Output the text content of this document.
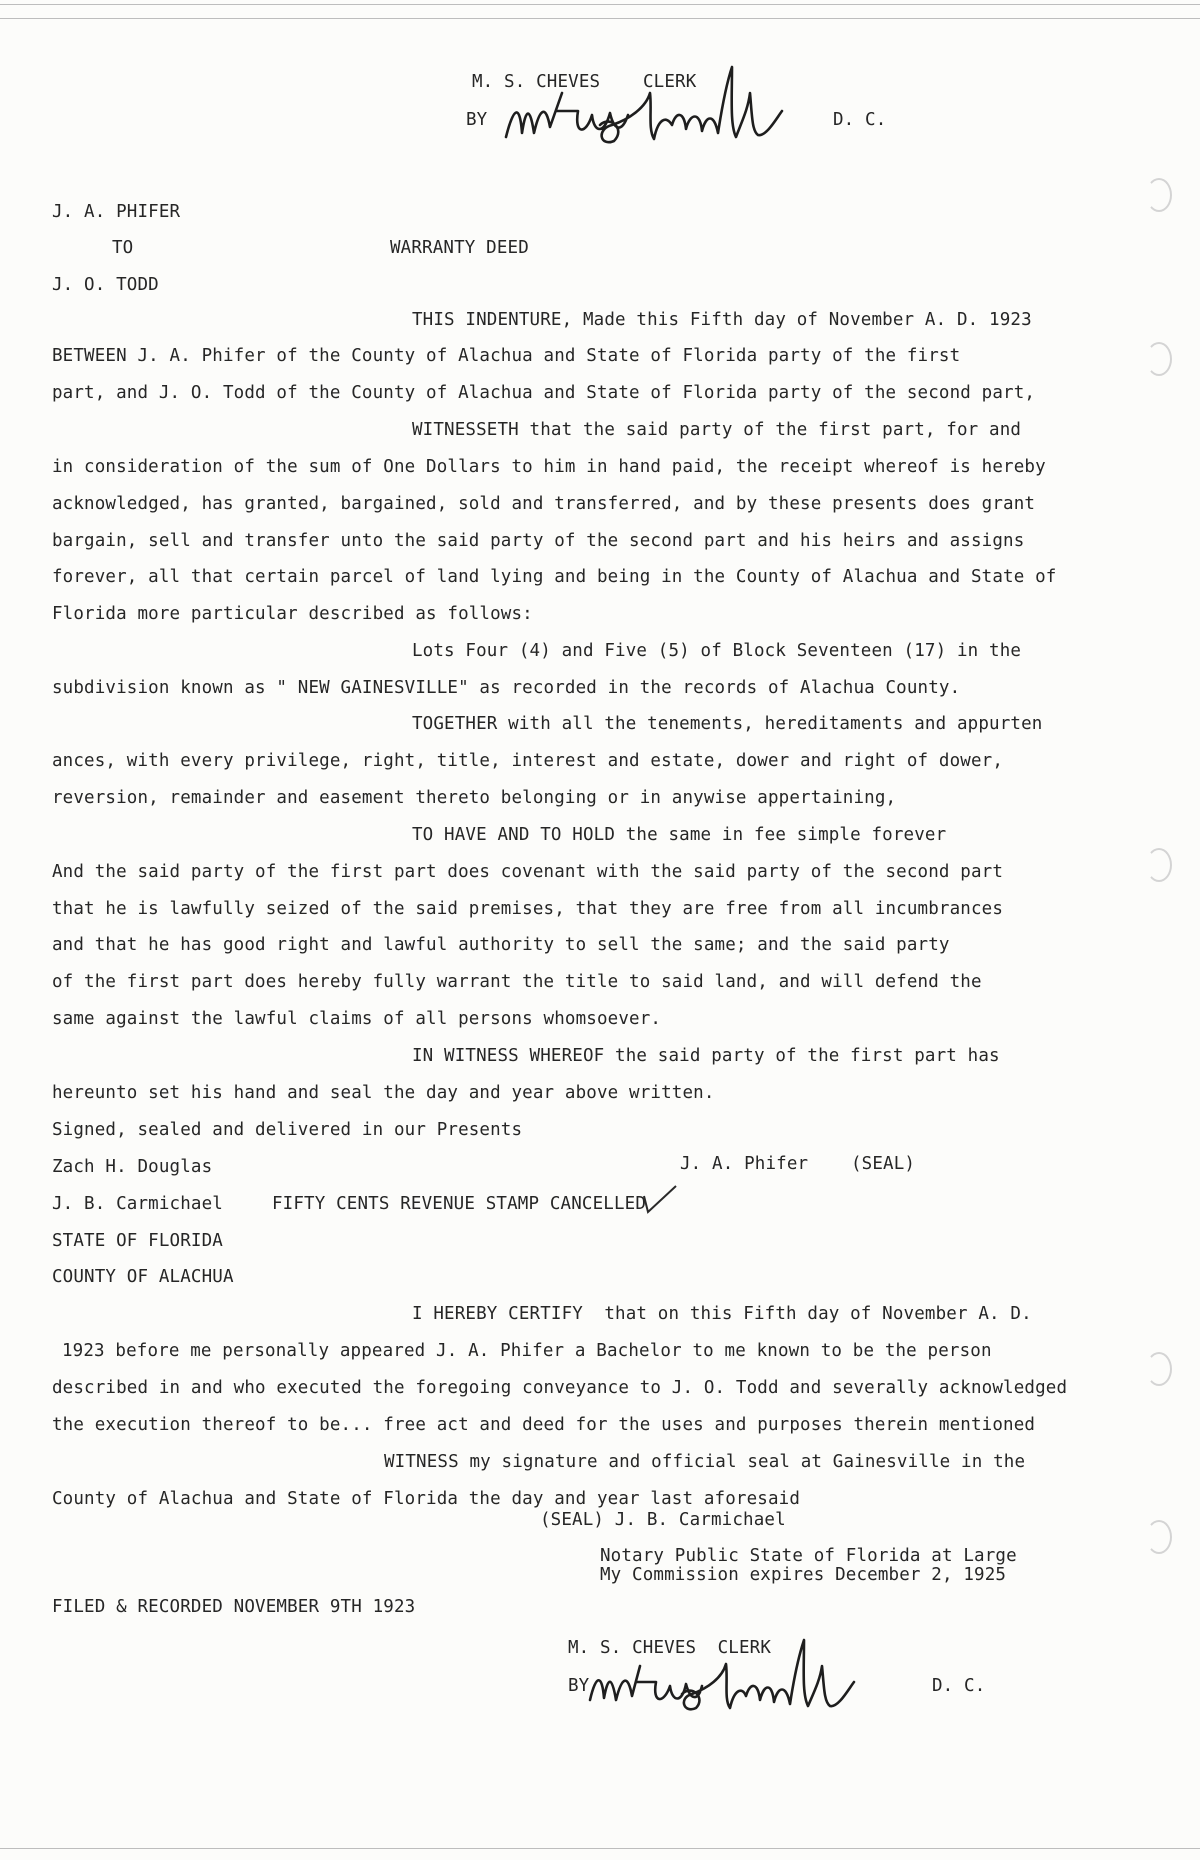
M. S. CHEVES    CLERK
BY	D. C.
J. A. PHIFER
TO	WARRANTY DEED
J. O. TODD
THIS INDENTURE, Made this Fifth day of November A. D. 1923
BETWEEN J. A. Phifer of the County of Alachua and State of Florida party of the first
part, and J. O. Todd of the County of Alachua and State of Florida party of the second part,
WITNESSETH that the said party of the first part, for and
in consideration of the sum of One Dollars to him in hand paid, the receipt whereof is hereby
acknowledged, has granted, bargained, sold and transferred, and by these presents does grant
bargain, sell and transfer unto the said party of the second part and his heirs and assigns
forever, all that certain parcel of land lying and being in the County of Alachua and State of
Florida more particular described as follows:
Lots Four (4) and Five (5) of Block Seventeen (17) in the
subdivision known as " NEW GAINESVILLE" as recorded in the records of Alachua County.
TOGETHER with all the tenements, hereditaments and appurten
ances, with every privilege, right, title, interest and estate, dower and right of dower,
reversion, remainder and easement thereto belonging or in anywise appertaining,
TO HAVE AND TO HOLD the same in fee simple forever
And the said party of the first part does covenant with the said party of the second part
that he is lawfully seized of the said premises, that they are free from all incumbrances
and that he has good right and lawful authority to sell the same; and the said party
of the first part does hereby fully warrant the title to said land, and will defend the
same against the lawful claims of all persons whomsoever.
IN WITNESS WHEREOF the said party of the first part has
hereunto set his hand and seal the day and year above written.
Signed, sealed and delivered in our Presents
Zach H. Douglas	J. A. Phifer    (SEAL)
J. B. Carmichael	FIFTY CENTS REVENUE STAMP CANCELLED
STATE OF FLORIDA
COUNTY OF ALACHUA
I HEREBY CERTIFY  that on this Fifth day of November A. D.
1923 before me personally appeared J. A. Phifer a Bachelor to me known to be the person
described in and who executed the foregoing conveyance to J. O. Todd and severally acknowledged
the execution thereof to be... free act and deed for the uses and purposes therein mentioned
WITNESS my signature and official seal at Gainesville in the
County of Alachua and State of Florida the day and year last aforesaid
(SEAL) J. B. Carmichael
Notary Public State of Florida at Large
My Commission expires December 2, 1925
FILED & RECORDED NOVEMBER 9TH 1923
M. S. CHEVES  CLERK
BY	D. C.
